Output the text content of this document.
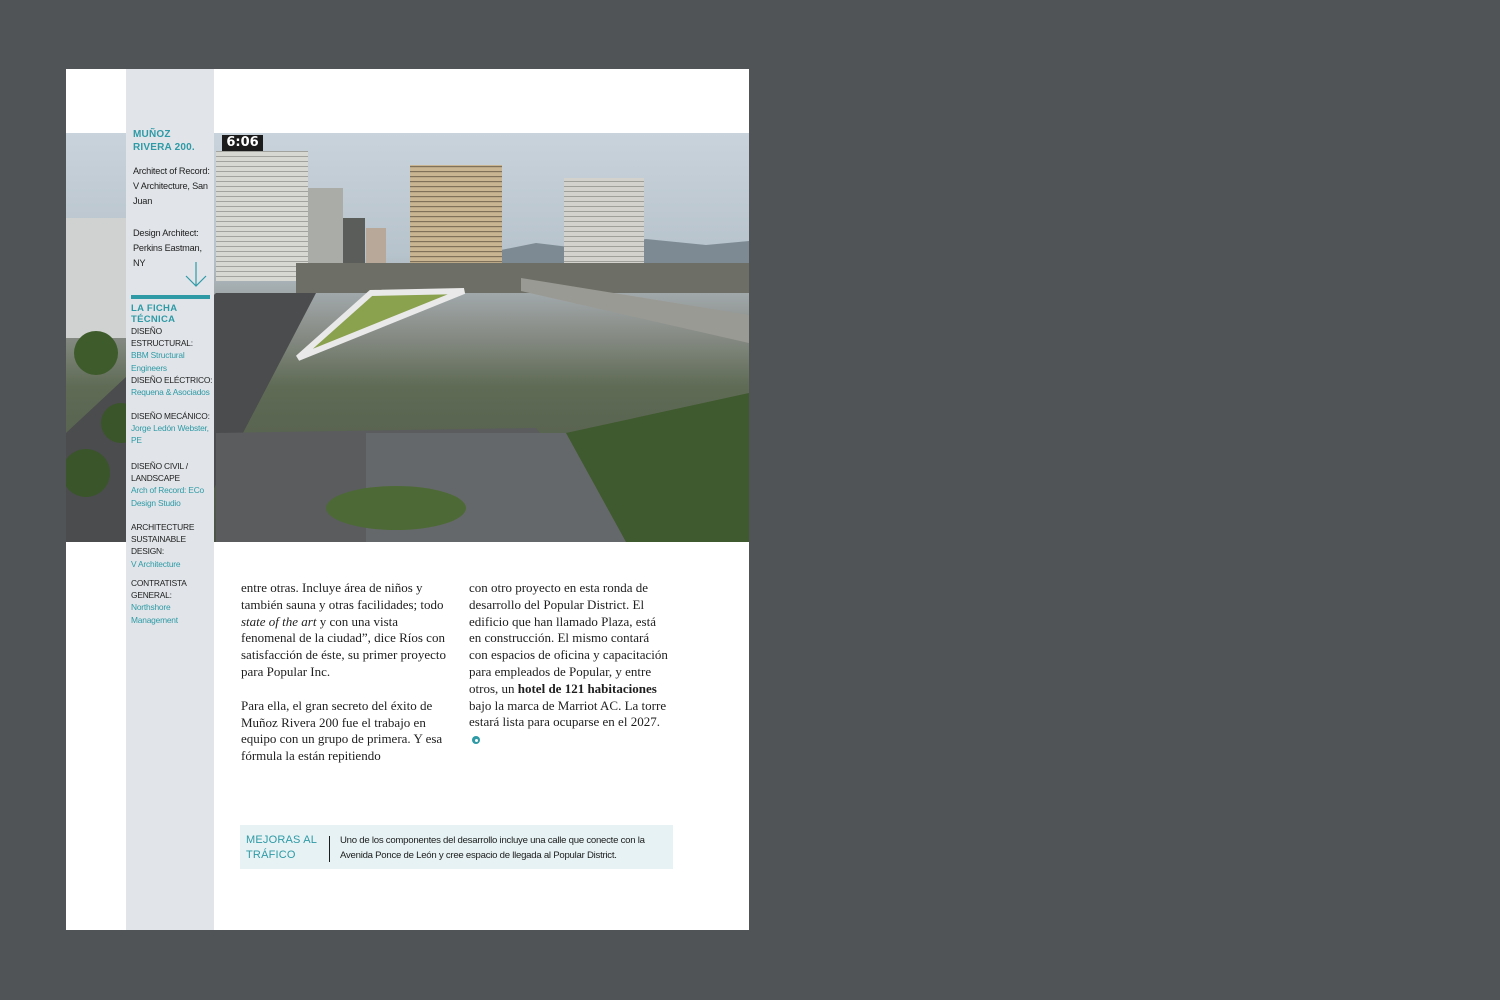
6:06
MUÑOZ RIVERA 200.
Architect of Record: V Architecture, San Juan
Design Architect: Perkins Eastman, NY
LA FICHA TÉCNICA
DISEÑO ESTRUCTURAL:
BBM Structural Engineers
DISEÑO ELÉCTRICO:
Requena & Asociados
DISEÑO MECÁNICO:
Jorge Ledón Webster, PE
DISEÑO CIVIL / LANDSCAPE
Arch of Record: ECo Design Studio
ARCHITECTURE SUSTAINABLE DESIGN:
V Architecture
CONTRATISTA GENERAL:
Northshore Management

entre otras. Incluye área de niños y también sauna y otras facilidades; todo state of the art y con una vista fenomenal de la ciudad”, dice Ríos con satisfacción de éste, su primer proyecto para Popular Inc.

Para ella, el gran secreto del éxito de Muñoz Rivera 200 fue el trabajo en equipo con un grupo de primera. Y esa fórmula la están repitiendo

con otro proyecto en esta ronda de desarrollo del Popular District. El edificio que han llamado Plaza, está en construcción. El mismo contará con espacios de oficina y capacitación para empleados de Popular, y entre otros, un hotel de 121 habitaciones bajo la marca de Marriot AC. La torre estará lista para ocuparse en el 2027.

MEJORAS AL TRÁFICO
Uno de los componentes del desarrollo incluye una calle que conecte con la Avenida Ponce de León y cree espacio de llegada al Popular District.
